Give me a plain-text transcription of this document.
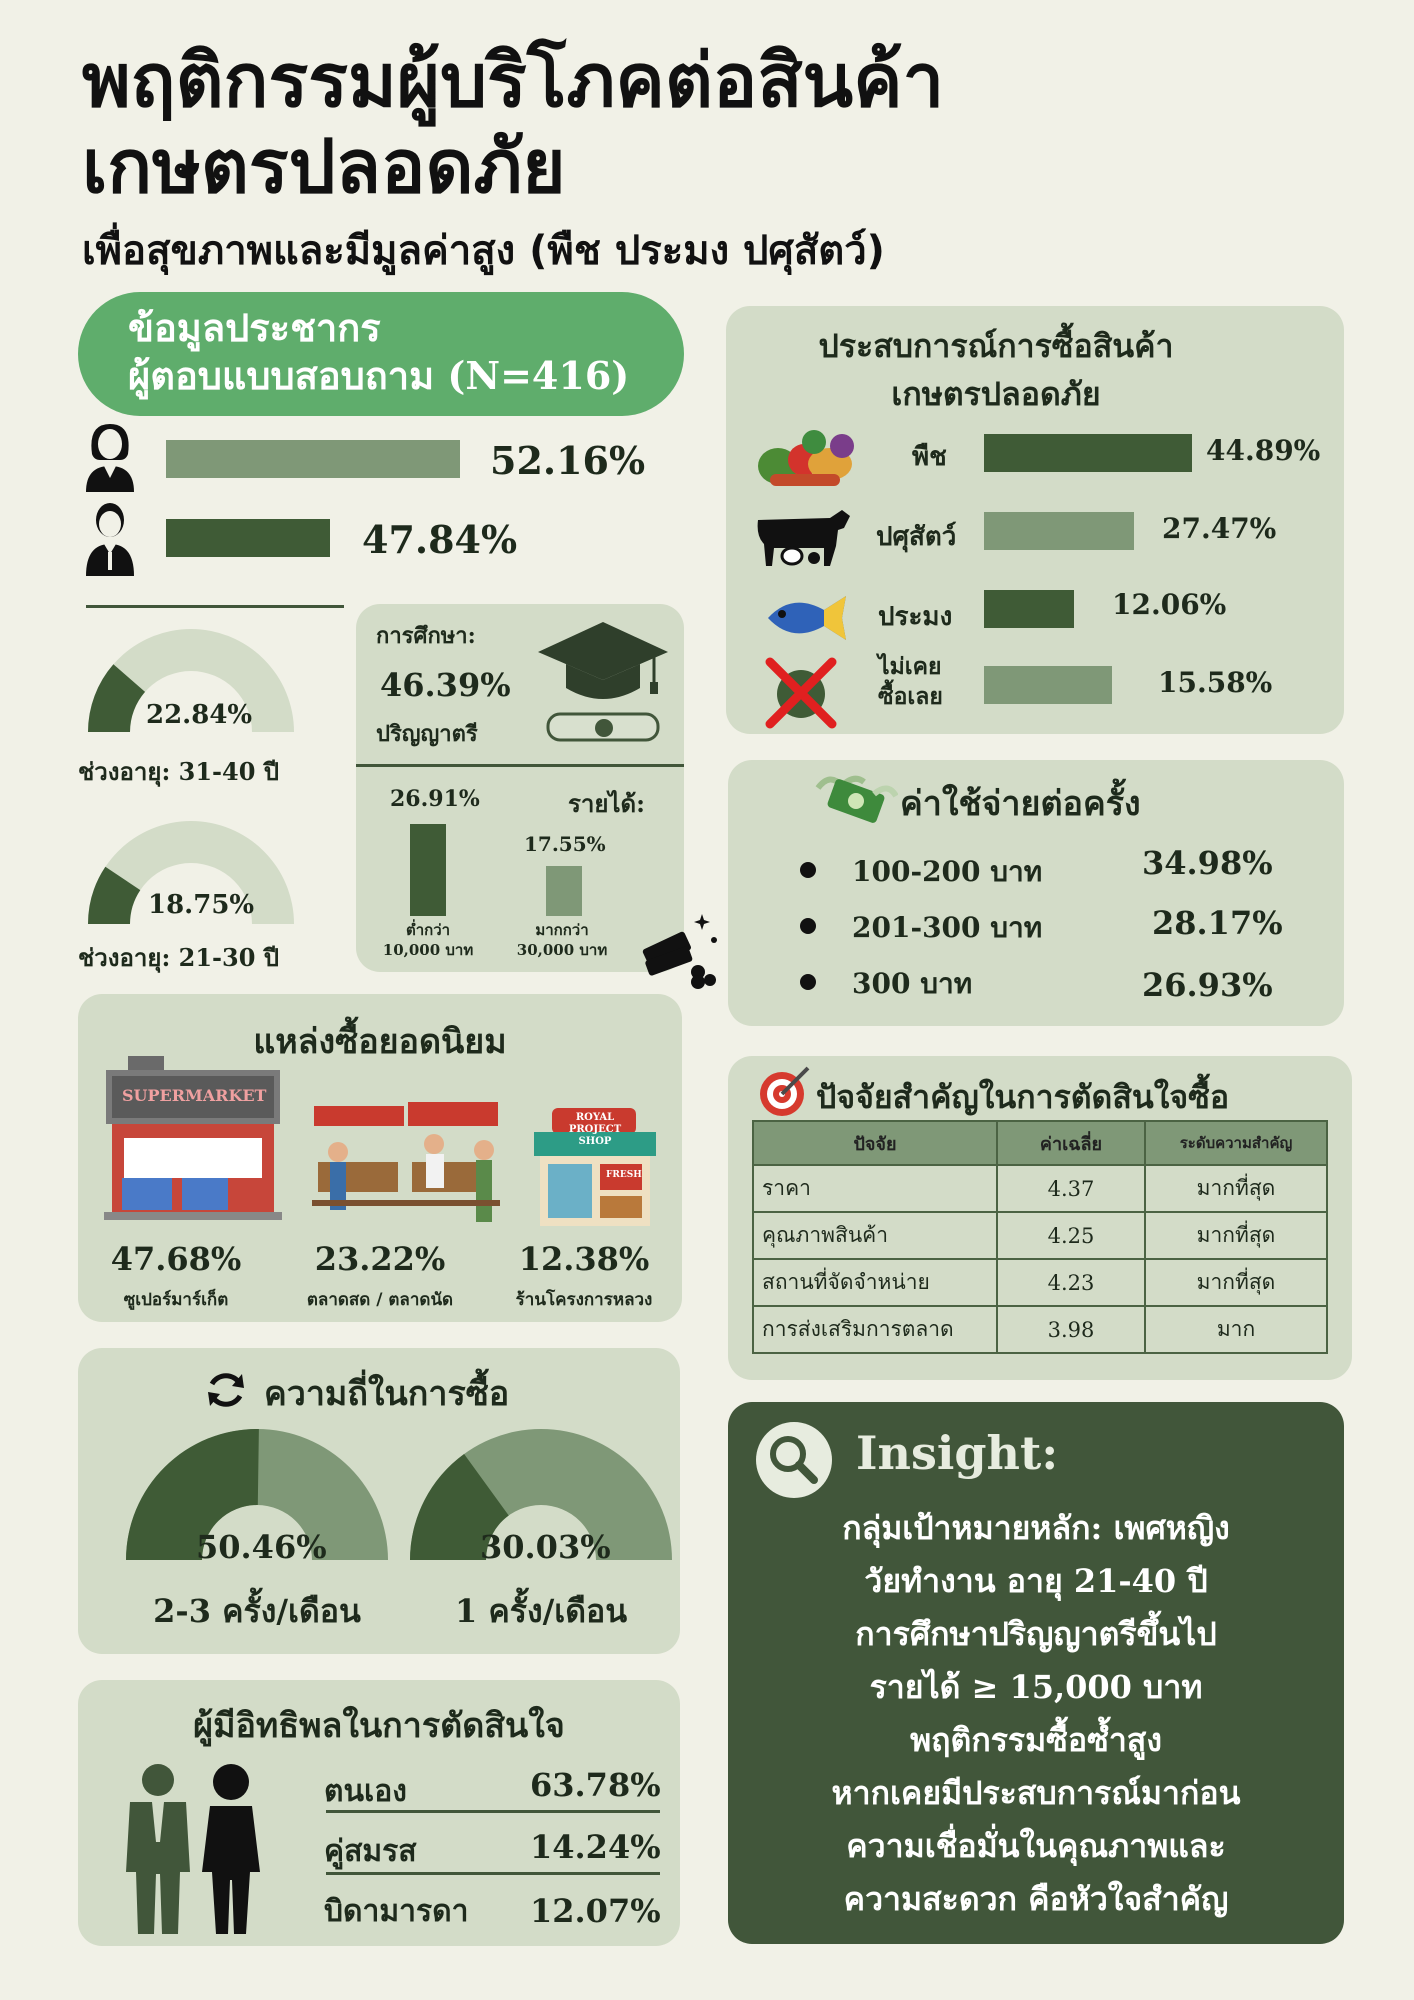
พฤติกรรมผู้บริโภคต่อสินค้า
เกษตรปลอดภัย
เพื่อสุขภาพและมีมูลค่าสูง (พืช ประมง ปศุสัตว์)
ข้อมูลประชากร
ผู้ตอบแบบสอบถาม (N=416)
52.16%
47.84%
22.84%
ช่วงอายุ: 31-40 ปี
18.75%
ช่วงอายุ: 21-30 ปี
การศึกษา:
46.39%
ปริญญาตรี
26.91%	รายได้:
17.55%
ต่ำกว่า
10,000 บาท
มากกว่า
30,000 บาท
ประสบการณ์การซื้อสินค้า
เกษตรปลอดภัย
พืช	44.89%
ปศุสัตว์	27.47%
ประมง	12.06%
ไม่เคย
ซื้อเลย	15.58%
ค่าใช้จ่ายต่อครั้ง
100-200 บาท	34.98%
201-300 บาท	28.17%
300 บาท	26.93%
แหล่งซื้อยอดนิยม
SUPERMARKET
ROYAL
PROJECT SHOP
FRESH
47.68%
ซูเปอร์มาร์เก็ต
23.22%
ตลาดสด / ตลาดนัด
12.38%
ร้านโครงการหลวง
ปัจจัยสำคัญในการตัดสินใจซื้อ
ปัจจัย	ค่าเฉลี่ย	ระดับความสำคัญ
ราคา	4.37	มากที่สุด
คุณภาพสินค้า	4.25	มากที่สุด
สถานที่จัดจำหน่าย	4.23	มากที่สุด
การส่งเสริมการตลาด	3.98	มาก
ความถี่ในการซื้อ
50.46%
2-3 ครั้ง/เดือน
30.03%
1 ครั้ง/เดือน
ผู้มีอิทธิพลในการตัดสินใจ
ตนเอง	63.78%
คู่สมรส	14.24%
บิดามารดา 12.07%
Insight:
กลุ่มเป้าหมายหลัก: เพศหญิง
วัยทำงาน อายุ 21-40 ปี
การศึกษาปริญญาตรีขึ้นไป
รายได้ ≥ 15,000 บาท
พฤติกรรมซื้อซ้ำสูง
หากเคยมีประสบการณ์มาก่อน
ความเชื่อมั่นในคุณภาพและ
ความสะดวก คือหัวใจสำคัญ
